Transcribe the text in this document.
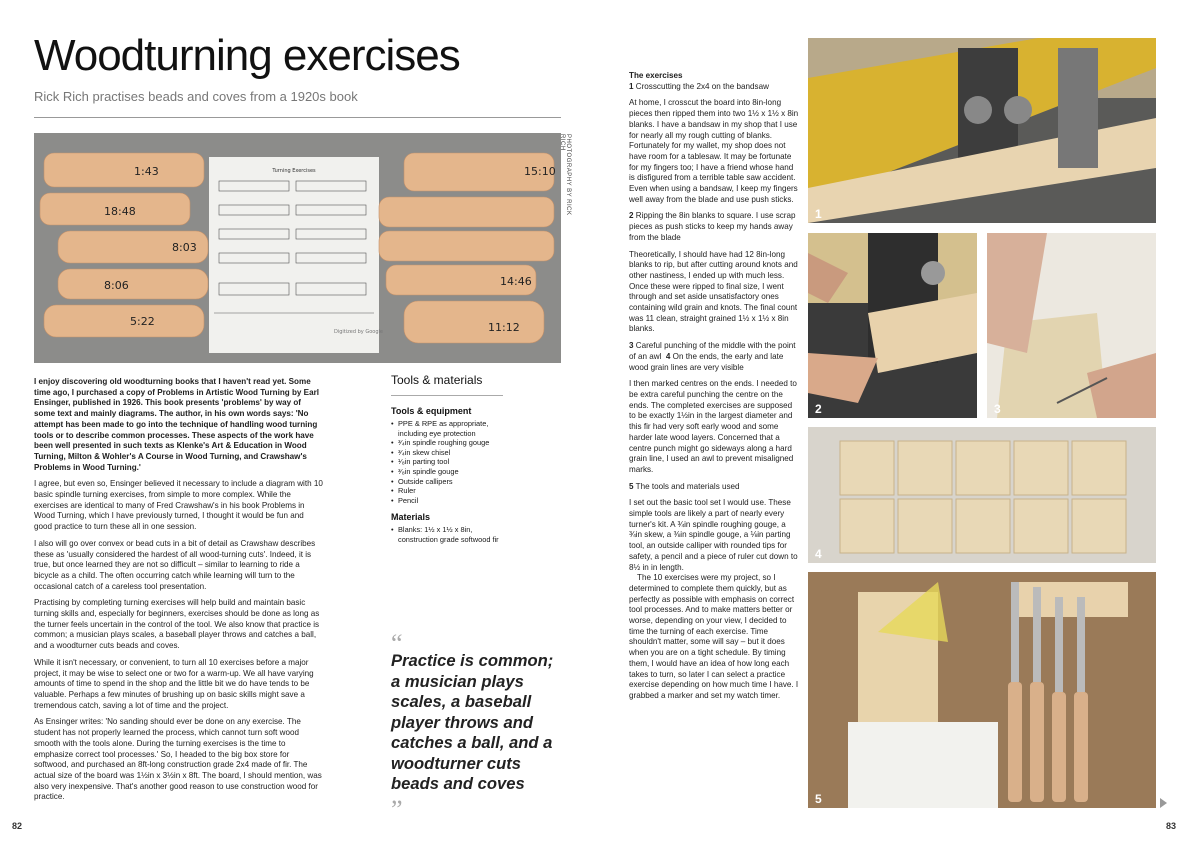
Woodturning exercises
Rick Rich practises beads and coves from a 1920s book
Turning Exercises
Digitized by Google
1:43
18:48
8:03
8:06
5:22
15:10
14:46
11:12
PHOTOGRAPHY BY RICK RICH

I enjoy discovering old woodturning books that I haven't read yet. Some time ago, I purchased a copy of Problems in Artistic Wood Turning by Earl Ensinger, published in 1926. This book presents 'problems' by way of some text and mainly diagrams. The author, in his own words says: 'No attempt has been made to go into the technique of handling wood turning tools or to describe common processes. These aspects of the work have been well presented in such texts as Klenke's Art & Education in Wood Turning, Milton & Wohler's A Course in Wood Turning, and Crawshaw's Problems in Wood Turning.'

I agree, but even so, Ensinger believed it necessary to include a diagram with 10 basic spindle turning exercises, from simple to more complex. While the exercises are identical to many of Fred Crawshaw's in his book Problems in Wood Turning, which I have previously turned, I thought it would be fun and good practice to turn these all in one session.

I also will go over convex or bead cuts in a bit of detail as Crawshaw describes these as 'usually considered the hardest of all wood-turning cuts'. Indeed, it is true, but once learned they are not so difficult – similar to learning to ride a bicycle as a child. The often occurring catch while learning will turn to the occasional catch of a careless tool presentation.

Practising by completing turning exercises will help build and maintain basic turning skills and, especially for beginners, exercises should be done as long as the turner feels uncertain in the control of the tool. We also know that practice is common; a musician plays scales, a baseball player throws and catches a ball, and a woodturner cuts beads and coves.

While it isn't necessary, or convenient, to turn all 10 exercises before a major project, it may be wise to select one or two for a warm-up. We all have varying amounts of time to spend in the shop and the little bit we do have tends to be valuable. Perhaps a few minutes of brushing up on basic skills might save a tremendous catch, saving a lot of time and the project.

As Ensinger writes: 'No sanding should ever be done on any exercise. The student has not properly learned the process, which cannot turn soft wood smooth with the tools alone. During the turning exercises is the time to emphasize correct tool processes.' So, I headed to the big box store for softwood, and purchased an 8ft-long construction grade 2x4 made of fir. The actual size of the board was 1½in x 3½in x 8ft. The board, I should mention, was also very inexpensive. That's another good reason to use construction wood for practice.

Tools & materials
Tools & equipment
• PPE & RPE as appropriate, including eye protection
• ³⁄₄in spindle roughing gouge
• ³⁄₄in skew chisel
• ¹⁄₈in parting tool
• ³⁄₈in spindle gouge
• Outside callipers
• Ruler
• Pencil
Materials
• Blanks: 1½ x 1½ x 8in, construction grade softwood fir
“
Practice is common; a musician plays scales, a baseball player throws and catches a ball, and a woodturner cuts beads and coves
”

The exercises

1 Crosscutting the 2x4 on the bandsaw

At home, I crosscut the board into 8in-long pieces then ripped them into two 1½ x 1½ x 8in blanks. I have a bandsaw in my shop that I use for nearly all my rough cutting of blanks. Fortunately for my wallet, my shop does not have room for a tablesaw. It may be fortunate for my fingers too; I have a friend whose hand is disfigured from a terrible table saw accident. Even when using a bandsaw, I keep my fingers well away from the blade and use push sticks.

2 Ripping the 8in blanks to square. I use scrap pieces as push sticks to keep my hands away from the blade

Theoretically, I should have had 12 8in-long blanks to rip, but after cutting around knots and other nastiness, I ended up with much less. Once these were ripped to final size, I went through and set aside unsatisfactory ones containing wild grain and knots. The final count was 11 clean, straight grained 1½ x 1½ x 8in blanks.

3 Careful punching of the middle with the point of an awl 4 On the ends, the early and late wood grain lines are very visible

I then marked centres on the ends. I needed to be extra careful punching the centre on the ends. The completed exercises are supposed to be exactly 1½in in the largest diameter and this fir had very soft early wood and some harder late wood layers. Concerned that a centre punch might go sideways along a hard grain line, I used an awl to prevent misaligned marks.

5 The tools and materials used

I set out the basic tool set I would use. These simple tools are likely a part of nearly every turner's kit. A ¾in spindle roughing gouge, a ¾in skew, a ⅜in spindle gouge, a ⅛in parting tool, an outside calliper with rounded tips for safety, a pencil and a piece of ruler cut down to 8½ in in length.

The 10 exercises were my project, so I determined to complete them quickly, but as perfectly as possible with emphasis on correct tool processes. And to make matters better or worse, depending on your view, I decided to time the turning of each exercise. Time shouldn't matter, some will say – but it does when you are on a tight schedule. By timing them, I would have an idea of how long each takes to turn, so later I can select a practice exercise depending on how much time I have. I grabbed a marker and set my watch timer.

1
2	3
4
5
82	83
